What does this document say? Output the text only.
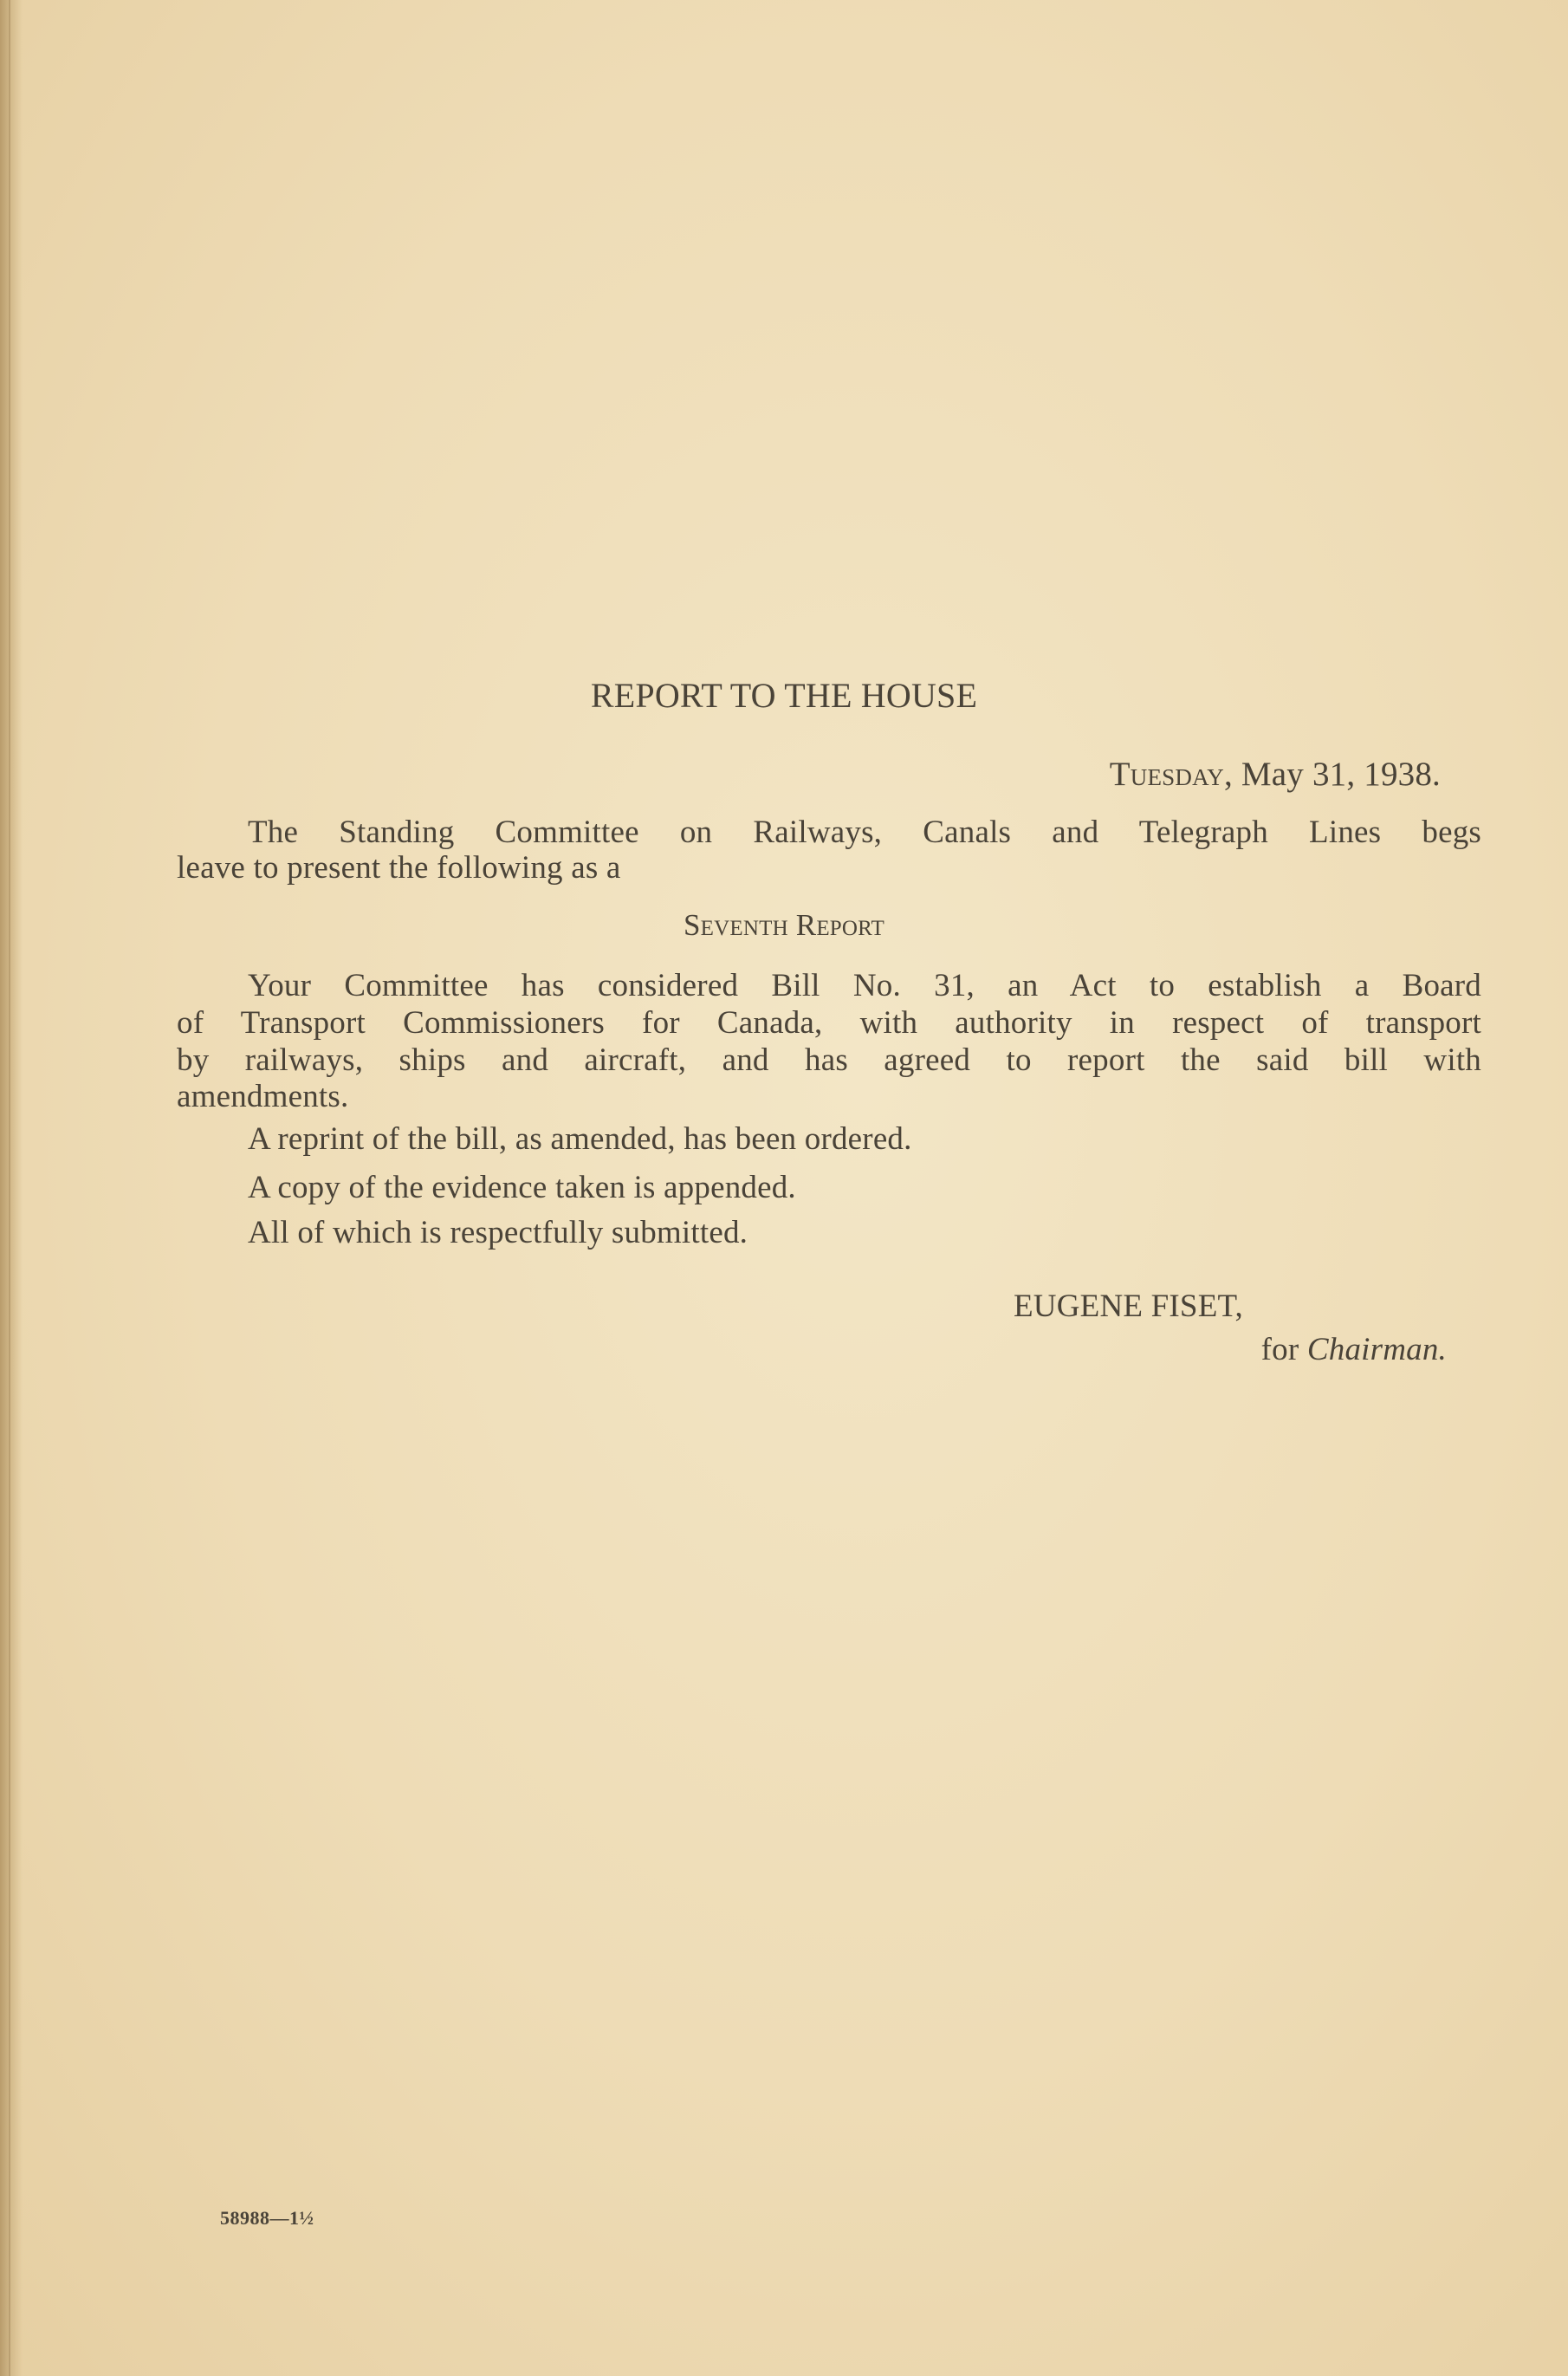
REPORT TO THE HOUSE
Tuesday, May 31, 1938.
The Standing Committee on Railways, Canals and Telegraph Lines begs
leave to present the following as a
Seventh Report
Your Committee has considered Bill No. 31, an Act to establish a Board
of Transport Commissioners for Canada, with authority in respect of transport
by railways, ships and aircraft, and has agreed to report the said bill with
amendments.
A reprint of the bill, as amended, has been ordered.
A copy of the evidence taken is appended.
All of which is respectfully submitted.
EUGENE FISET,
for Chairman.
58988—1½
